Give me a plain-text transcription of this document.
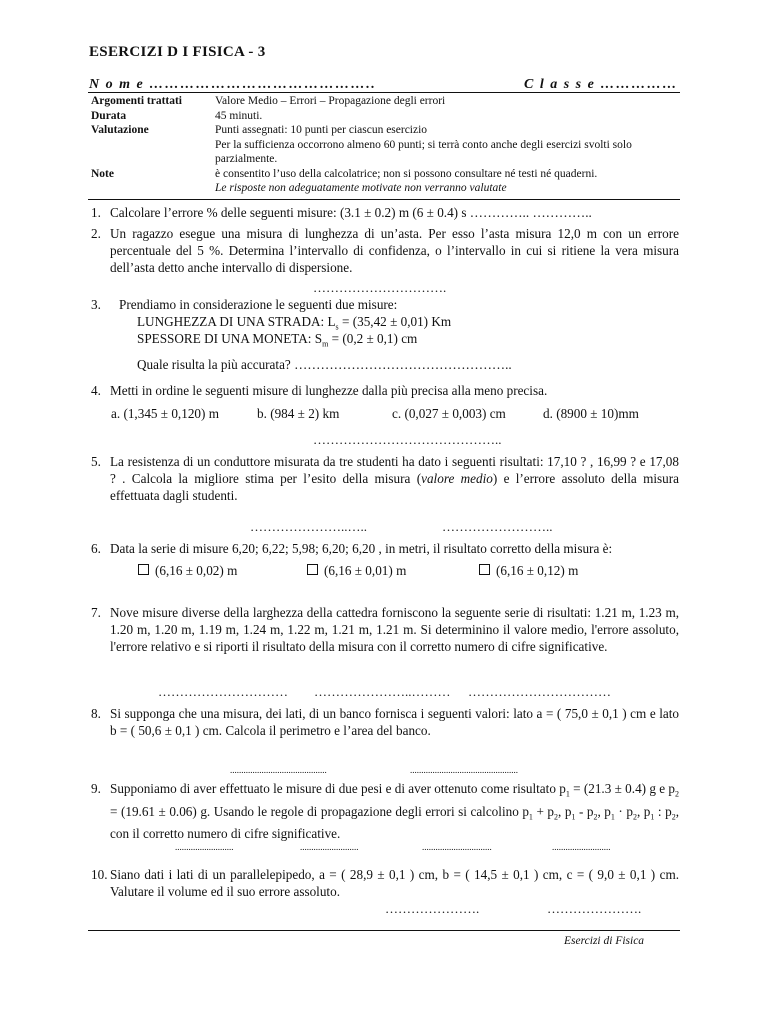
ESERCIZI D I FISICA - 3
N o m e ……………………………………..	C l a s s e ……………
Argomenti trattati	Valore Medio – Errori – Propagazione degli errori
Durata	45 minuti.
Valutazione	Punti assegnati: 10 punti per ciascun esercizio
Per la sufficienza occorrono almeno 60 punti; si terrà conto anche degli esercizi svolti solo parzialmente.
Note	è consentito l’uso della calcolatrice; non si possono consultare né testi né quaderni.
Le risposte non adeguatamente motivate non verranno valutate
1. Calcolare l’errore % delle seguenti misure: (3.1 ± 0.2) m (6 ± 0.4) s ………….. …………..
2. Un ragazzo esegue una misura di lunghezza di un’asta. Per esso l’asta misura 12,0 m con un errore percentuale del 5 %. Determina l’intervallo di confidenza, o l’intervallo in cui si ritiene la vera misura dell’asta detto anche intervallo di dispersione.
………………………….
3. Prendiamo in considerazione le seguenti due misure:
LUNGHEZZA DI UNA STRADA: $L_s = (35,42 \pm 0,01)$ Km
SPESSORE DI UNA MONETA: $S_m = (0,2 \pm 0,1)$ cm
Quale risulta la più accurata? …………………………………………..
4. Metti in ordine le seguenti misure di lunghezze dalla più precisa alla meno precisa.
a. (1,345 ± 0,120) m	b. (984 ± 2) km	c. (0,027 ± 0,003) cm	d. (8900 ± 10)mm
……………………………………..
5. La resistenza di un conduttore misurata da tre studenti ha dato i seguenti risultati: 17,10 ? , 16,99 ? e 17,08 ? . Calcola la migliore stima per l’esito della misura (valore medio) e l’errore assoluto della misura effettuata dagli studenti.
…………………..…..	……………………..
6. Data la serie di misure 6,20; 6,22; 5,98; 6,20; 6,20 , in metri, il risultato corretto della misura è:
(6,16 ± 0,02) m	(6,16 ± 0,01) m	(6,16 ± 0,12) m
7. Nove misure diverse della larghezza della cattedra forniscono la seguente serie di risultati: 1.21 m, 1.23 m, 1.20 m, 1.20 m, 1.19 m, 1.24 m, 1.22 m, 1.21 m, 1.21 m. Si determinino il valore medio, l'errore assoluto, l'errore relativo e si riporti il risultato della misura con il corretto numero di cifre significative.
………………………… …………………..……… ……………………………
8. Si supponga che una misura, dei lati, di un banco fornisca i seguenti valori: lato a = ( 75,0 ± 0,1 ) cm e lato b = ( 50,6 ± 0,1 ) cm. Calcola il perimetro e l’area del banco.
...........................................	................................................
9. Supponiamo di aver effettuato le misure di due pesi e di aver ottenuto come risultato $p_1 = (21.3 \pm 0.4)$ g e $p_2 = (19.61 \pm 0.06)$ g. Usando le regole di propagazione degli errori si calcolino $p_1 + p_2$, $p_1 - p_2$, $p_1 \cdot p_2$, $p_1$ : $p_2$, con il corretto numero di cifre significative.
..........................	..........................	...............................	..........................
10. Siano dati i lati di un parallelepipedo, a = ( 28,9 ± 0,1 ) cm, b = ( 14,5 ± 0,1 ) cm, c = ( 9,0 ± 0,1 ) cm. Valutare il volume ed il suo errore assoluto.
………………….	………………….
Esercizi di Fisica
